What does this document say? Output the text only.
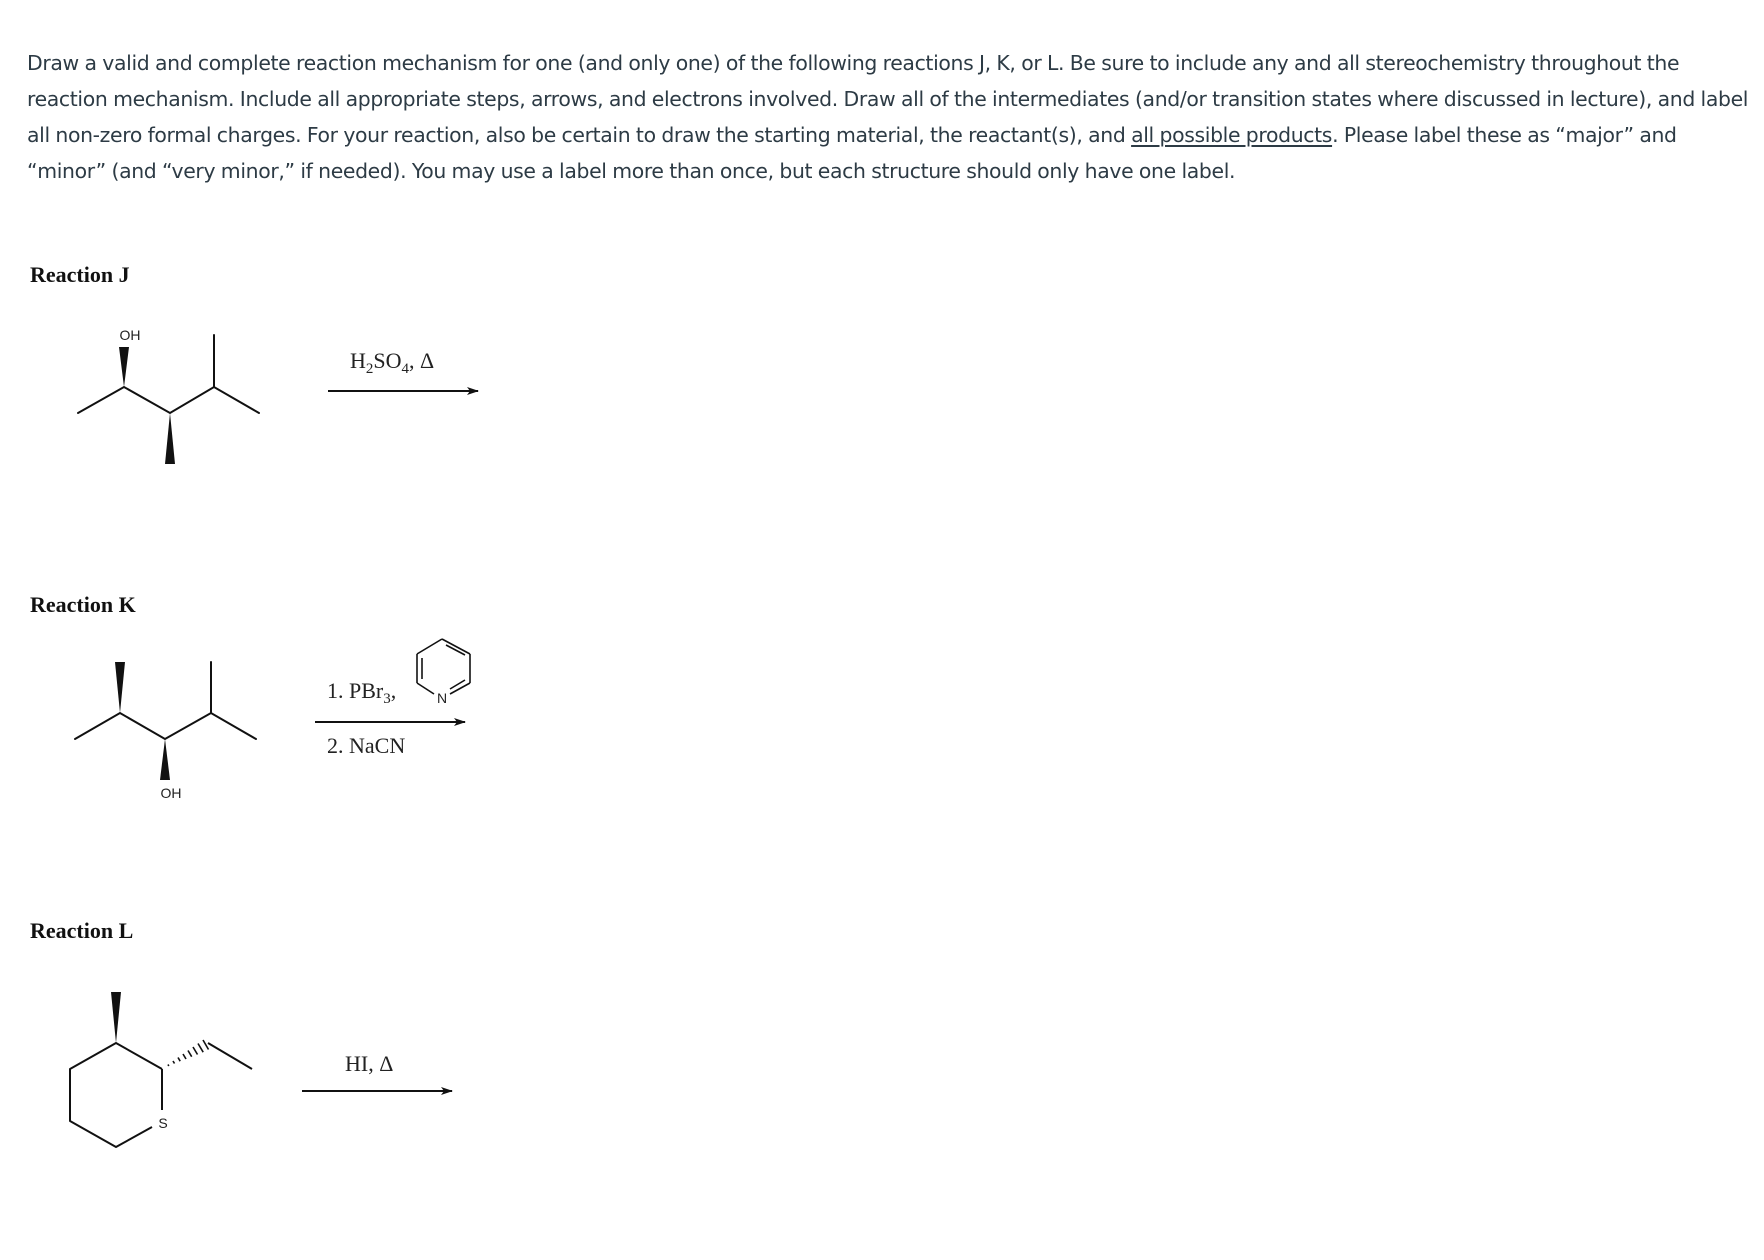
Draw a valid and complete reaction mechanism for one (and only one) of the following reactions J, K, or L. Be sure to include any and all stereochemistry throughout the reaction mechanism. Include all appropriate steps, arrows, and electrons involved. Draw all of the intermediates (and/or transition states where discussed in lecture), and label all non-zero formal charges. For your reaction, also be certain to draw the starting material, the reactant(s), and all possible products. Please label these as “major” and “minor” (and “very minor,” if needed). You may use a label more than once, but each structure should only have one label.

Reaction J
Reaction K
Reaction L
OH
$H_2SO_4$, Δ
OH
1. PBr$_3$,	N
2. NaCN
S
HI, Δ
